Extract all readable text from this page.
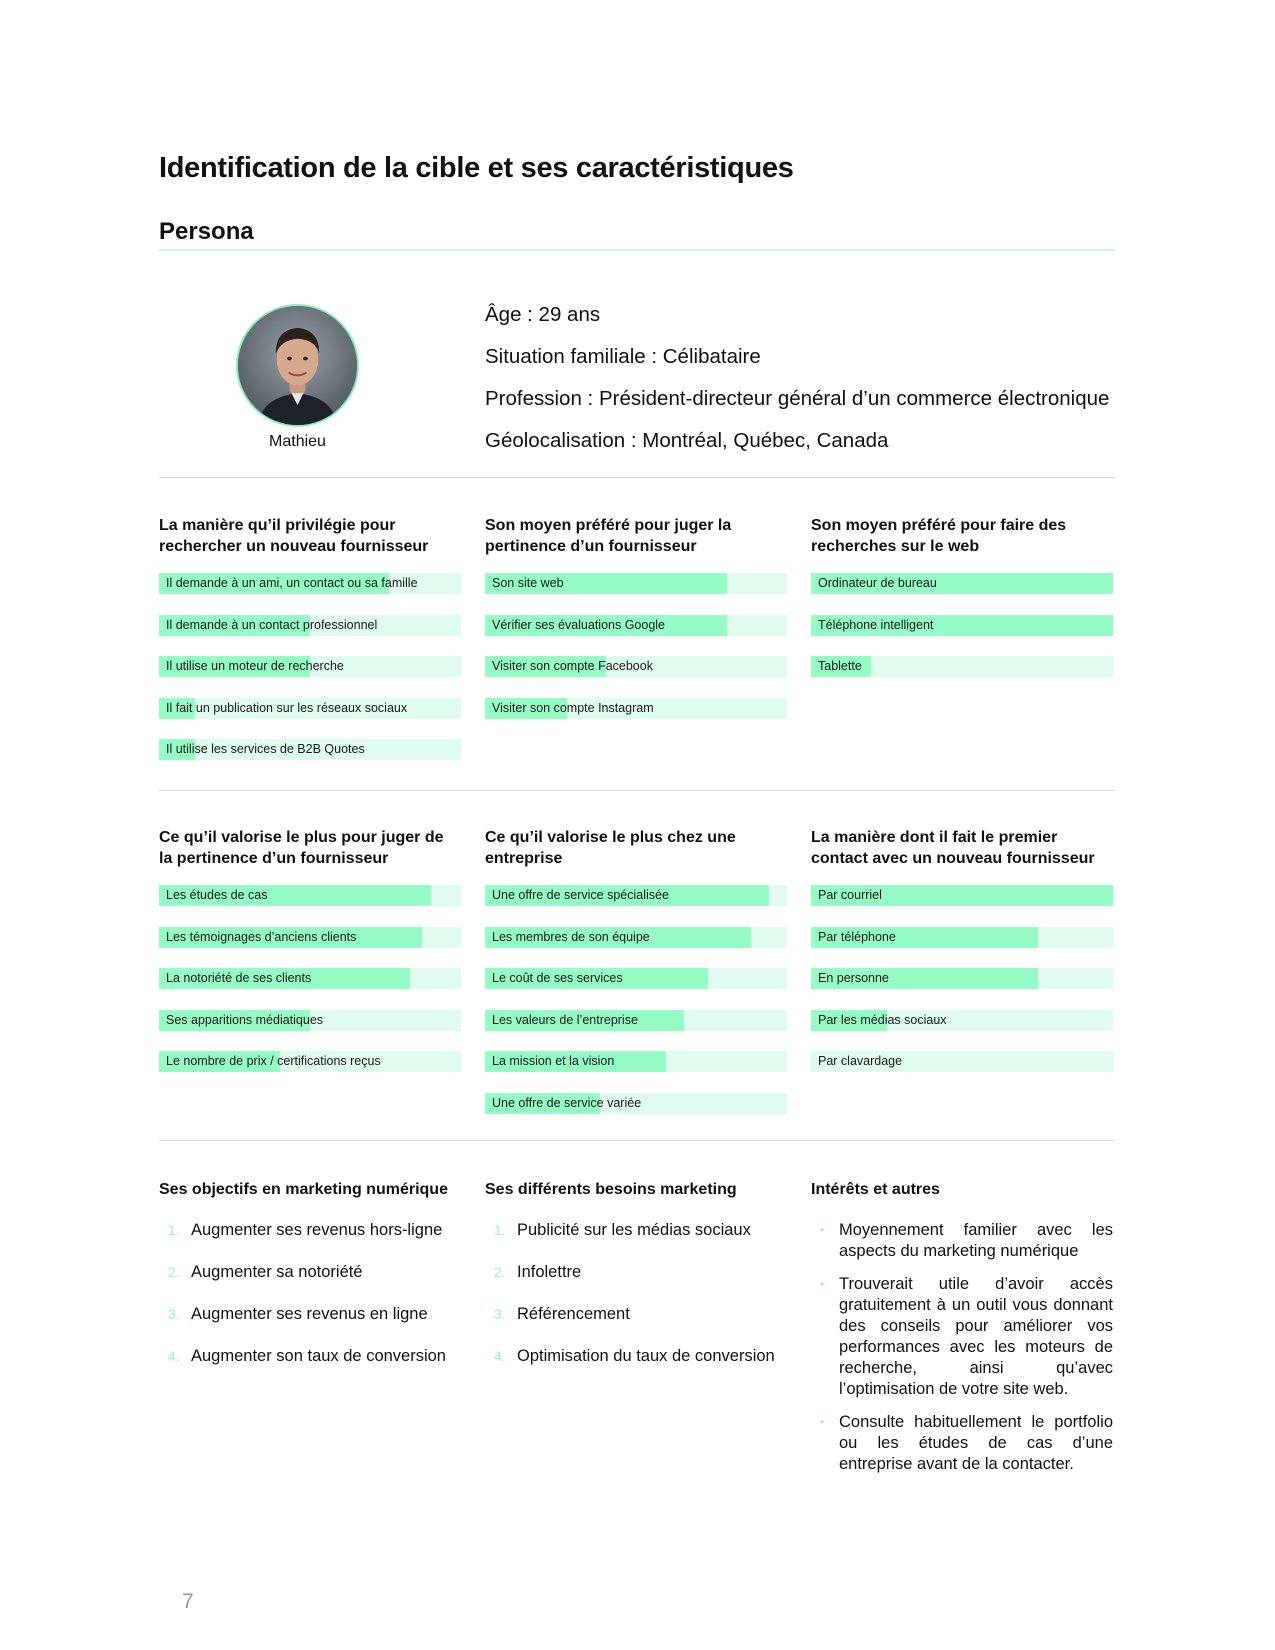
Identification de la cible et ses caractéristiques
Persona
Mathieu
Âge : 29 ans
Situation familiale : Célibataire
Profession : Président-directeur général d’un commerce électronique
Géolocalisation : Montréal, Québec, Canada
La manière qu’il privilégie pour rechercher un nouveau fournisseur
Il demande à un ami, un contact ou sa famille
Il demande à un contact professionnel
Il utilise un moteur de recherche
Il fait un publication sur les réseaux sociaux
Il utilise les services de B2B Quotes
Son moyen préféré pour juger la pertinence d’un fournisseur
Son site web
Vérifier ses évaluations Google
Visiter son compte Facebook
Visiter son compte Instagram
Son moyen préféré pour faire des recherches sur le web
Ordinateur de bureau
Téléphone intelligent
Tablette
Ce qu’il valorise le plus pour juger de la pertinence d’un fournisseur
Les études de cas
Les témoignages d’anciens clients
La notoriété de ses clients
Ses apparitions médiatiques
Le nombre de prix / certifications reçus
Ce qu’il valorise le plus chez une entreprise
Une offre de service spécialisée
Les membres de son équipe
Le coût de ses services
Les valeurs de l’entreprise
La mission et la vision
Une offre de service variée
La manière dont il fait le premier contact avec un nouveau fournisseur
Par courriel
Par téléphone
En personne
Par les médias sociaux
Par clavardage
Ses objectifs en marketing numérique
1. Augmenter ses revenus hors-ligne
2. Augmenter sa notoriété
3. Augmenter ses revenus en ligne
4. Augmenter son taux de conversion
Ses différents besoins marketing
1. Publicité sur les médias sociaux
2. Infolettre
3. Référencement
4. Optimisation du taux de conversion
Intérêts et autres
• Moyennement familier avec les aspects du marketing numérique
• Trouverait utile d’avoir accès gratuitement à un outil vous donnant des conseils pour améliorer vos performances avec les moteurs de recherche, ainsi qu’avec l’optimisation de votre site web.
• Consulte habituellement le portfolio ou les études de cas d’une entreprise avant de la contacter.
7
